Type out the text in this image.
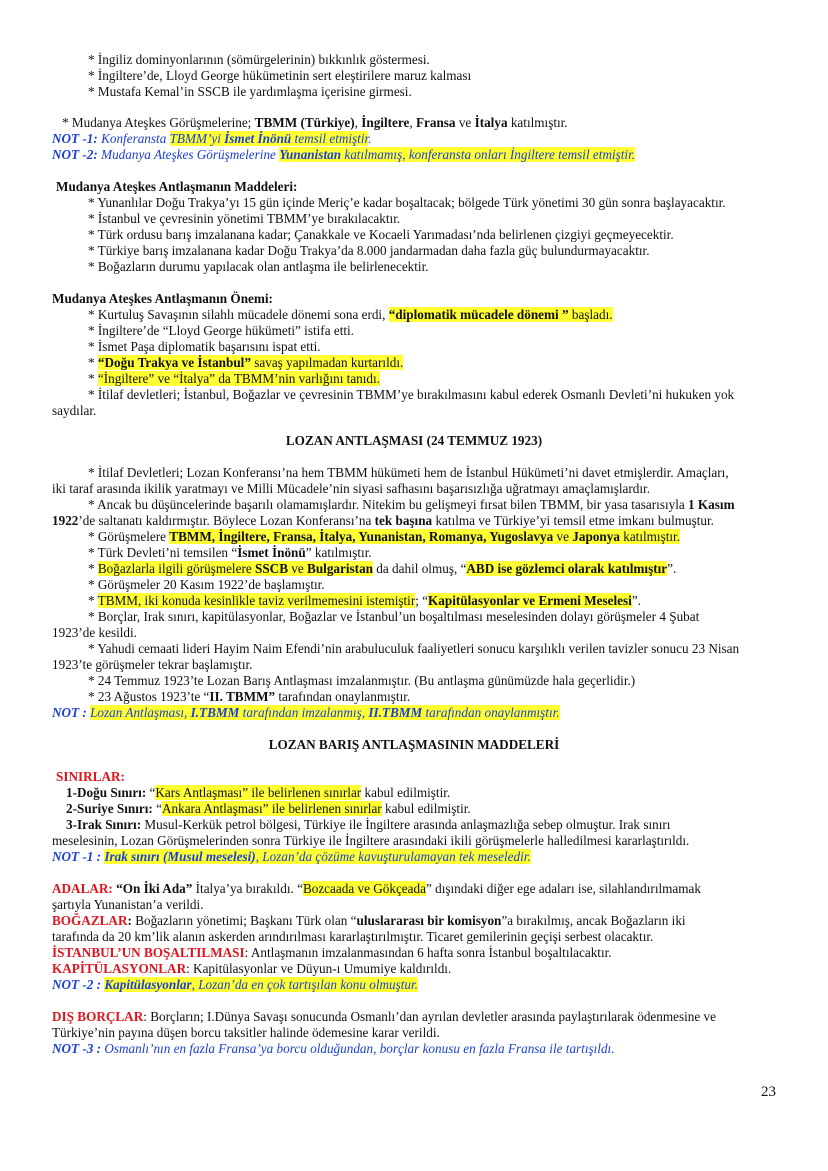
* İngiliz dominyonlarının (sömürgelerinin) bıkkınlık göstermesi.
* İngiltere’de, Lloyd George hükümetinin sert eleştirilere maruz kalması
* Mustafa Kemal’in SSCB ile yardımlaşma içerisine girmesi.
* Mudanya Ateşkes Görüşmelerine; TBMM (Türkiye), İngiltere, Fransa ve İtalya katılmıştır.
NOT -1: Konferansta TBMM’yi İsmet İnönü temsil etmiştir.
NOT -2: Mudanya Ateşkes Görüşmelerine Yunanistan katılmamış, konferansta onları İngiltere temsil etmiştir.
Mudanya Ateşkes Antlaşmanın Maddeleri:
* Yunanlılar Doğu Trakya’yı 15 gün içinde Meriç’e kadar boşaltacak; bölgede Türk yönetimi 30 gün sonra başlayacaktır.
* İstanbul ve çevresinin yönetimi TBMM’ye bırakılacaktır.
* Türk ordusu barış imzalanana kadar; Çanakkale ve Kocaeli Yarımadası’nda belirlenen çizgiyi geçmeyecektir.
* Türkiye barış imzalanana kadar Doğu Trakya’da 8.000 jandarmadan daha fazla güç bulundurmayacaktır.
* Boğazların durumu yapılacak olan antlaşma ile belirlenecektir.
Mudanya Ateşkes Antlaşmanın Önemi:
* Kurtuluş Savaşının silahlı mücadele dönemi sona erdi, “diplomatik mücadele dönemi ” başladı.
* İngiltere’de “Lloyd George hükümeti” istifa etti.
* İsmet Paşa diplomatik başarısını ispat etti.
* “Doğu Trakya ve İstanbul” savaş yapılmadan kurtarıldı.
* “İngiltere” ve “İtalya” da TBMM’nin varlığını tanıdı.
* İtilaf devletleri; İstanbul, Boğazlar ve çevresinin TBMM’ye bırakılmasını kabul ederek Osmanlı Devleti’ni hukuken yok
saydılar.
LOZAN ANTLAŞMASI (24 TEMMUZ 1923)
* İtilaf Devletleri; Lozan Konferansı’na hem TBMM hükümeti hem de İstanbul Hükümeti’ni davet etmişlerdir. Amaçları,
iki taraf arasında ikilik yaratmayı ve Milli Mücadele’nin siyasi safhasını başarısızlığa uğratmayı amaçlamışlardır.
* Ancak bu düşüncelerinde başarılı olamamışlardır. Nitekim bu gelişmeyi fırsat bilen TBMM, bir yasa tasarısıyla 1 Kasım
1922’de saltanatı kaldırmıştır. Böylece Lozan Konferansı’na tek başına katılma ve Türkiye’yi temsil etme imkanı bulmuştur.
* Görüşmelere TBMM, İngiltere, Fransa, İtalya, Yunanistan, Romanya, Yugoslavya ve Japonya katılmıştır.
* Türk Devleti’ni temsilen “İsmet İnönü” katılmıştır.
* Boğazlarla ilgili görüşmelere SSCB ve Bulgaristan da dahil olmuş, “ABD ise gözlemci olarak katılmıştır”.
* Görüşmeler 20 Kasım 1922’de başlamıştır.
* TBMM, iki konuda kesinlikle taviz verilmemesini istemiştir; “Kapitülasyonlar ve Ermeni Meselesi”.
* Borçlar, Irak sınırı, kapitülasyonlar, Boğazlar ve İstanbul’un boşaltılması meselesinden dolayı görüşmeler 4 Şubat
1923’de kesildi.
* Yahudi cemaati lideri Hayim Naim Efendi’nin arabuluculuk faaliyetleri sonucu karşılıklı verilen tavizler sonucu 23 Nisan
1923’te görüşmeler tekrar başlamıştır.
* 24 Temmuz 1923’te Lozan Barış Antlaşması imzalanmıştır. (Bu antlaşma günümüzde hala geçerlidir.)
* 23 Ağustos 1923’te “II. TBMM” tarafından onaylanmıştır.
NOT : Lozan Antlaşması, I.TBMM tarafından imzalanmış, II.TBMM tarafından onaylanmıştır.
LOZAN BARIŞ ANTLAŞMASININ MADDELERİ
SINIRLAR:
1-Doğu Sınırı: “Kars Antlaşması” ile belirlenen sınırlar kabul edilmiştir.
2-Suriye Sınırı: “Ankara Antlaşması” ile belirlenen sınırlar kabul edilmiştir.
3-Irak Sınırı: Musul-Kerkük petrol bölgesi, Türkiye ile İngiltere arasında anlaşmazlığa sebep olmuştur. Irak sınırı
meselesinin, Lozan Görüşmelerinden sonra Türkiye ile İngiltere arasındaki ikili görüşmelerle halledilmesi kararlaştırıldı.
NOT -1 : Irak sınırı (Musul meselesi), Lozan’da çözüme kavuşturulamayan tek meseledir.
ADALAR: “On İki Ada” İtalya’ya bırakıldı. “Bozcaada ve Gökçeada” dışındaki diğer ege adaları ise, silahlandırılmamak
şartıyla Yunanistan’a verildi.
BOĞAZLAR: Boğazların yönetimi; Başkanı Türk olan “uluslararası bir komisyon”a bırakılmış, ancak Boğazların iki
tarafında da 20 km’lik alanın askerden arındırılması kararlaştırılmıştır. Ticaret gemilerinin geçişi serbest olacaktır.
İSTANBUL’UN BOŞALTILMASI: Antlaşmanın imzalanmasından 6 hafta sonra İstanbul boşaltılacaktır.
KAPİTÜLASYONLAR: Kapitülasyonlar ve Düyun-ı Umumiye kaldırıldı.
NOT -2 : Kapitülasyonlar, Lozan’da en çok tartışılan konu olmuştur.
DIŞ BORÇLAR: Borçların; I.Dünya Savaşı sonucunda Osmanlı’dan ayrılan devletler arasında paylaştırılarak ödenmesine ve
Türkiye’nin payına düşen borcu taksitler halinde ödemesine karar verildi.
NOT -3 : Osmanlı’nın en fazla Fransa’ya borcu olduğundan, borçlar konusu en fazla Fransa ile tartışıldı.
23
